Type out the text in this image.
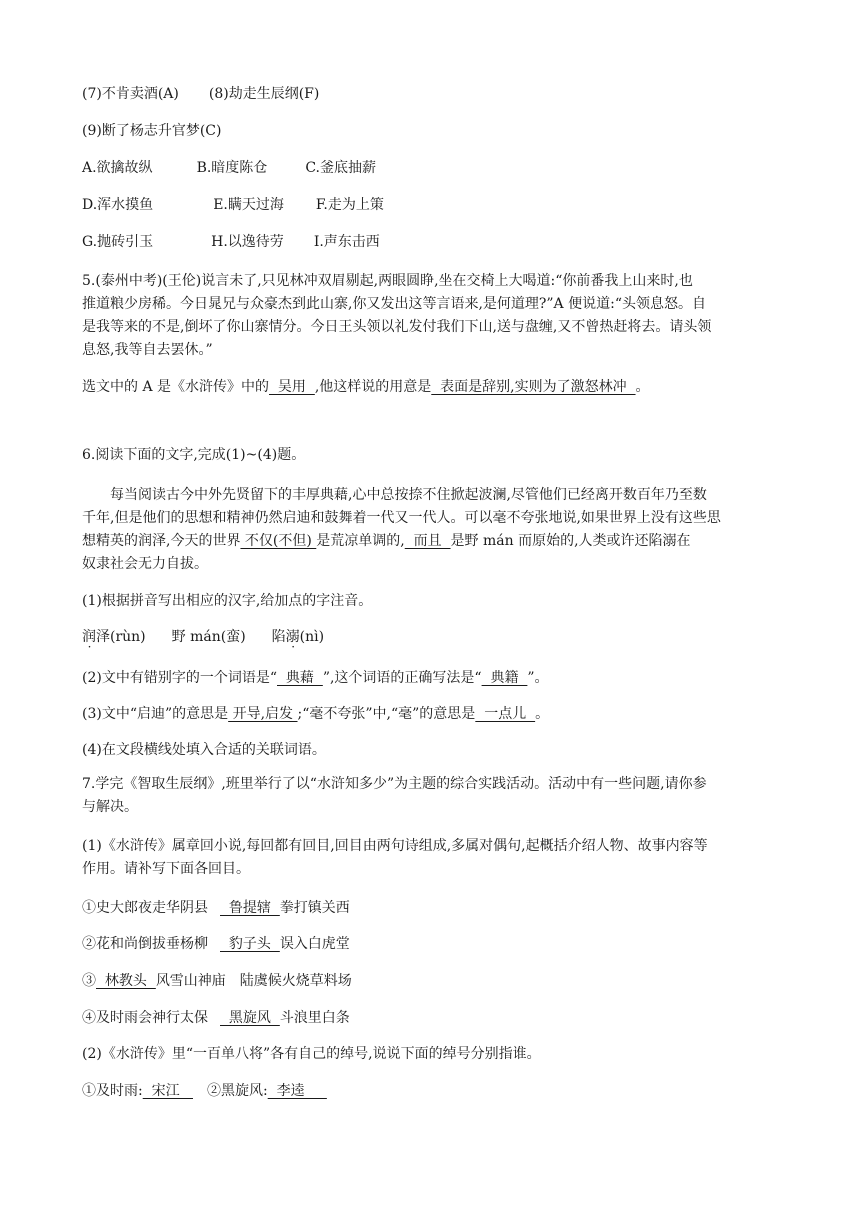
(7)不肯卖酒(A) (8)劫走生辰纲(F)
(9)断了杨志升官梦(C)
A.欲擒故纵	B.暗度陈仓	C.釜底抽薪
D.浑水摸鱼	E.瞒天过海 F.走为上策
G.抛砖引玉	H.以逸待劳 I.声东击西
5.(泰州中考)(王伦)说言未了,只见林冲双眉剔起,两眼圆睁,坐在交椅上大喝道:“你前番我上山来时,也
推道粮少房稀。今日晁兄与众豪杰到此山寨,你又发出这等言语来,是何道理?”A 便说道:“头领息怒。自
是我等来的不是,倒坏了你山寨情分。今日王头领以礼发付我们下山,送与盘缠,又不曾热赶将去。请头领
息怒,我等自去罢休。”
选文中的 A 是《水浒传》中的  吴用  ,他这样说的用意是  表面是辞别,实则为了激怒林冲  。
6.阅读下面的文字,完成(1)~(4)题。
每当阅读古今中外先贤留下的丰厚典藉,心中总按捺不住掀起波澜,尽管他们已经离开数百年乃至数
千年,但是他们的思想和精神仍然启迪和鼓舞着一代又一代人。可以毫不夸张地说,如果世界上没有这些思
想精英的润泽,今天的世界 不仅(不但) 是荒凉单调的,  而且  是野 mán 而原始的,人类或许还陷溺在
奴隶社会无力自拔。
(1)根据拼音写出相应的汉字,给加点的字注音。
润泽(rùn) 野 mán(蛮) 陷溺(nì)
(2)文中有错别字的一个词语是“  典藉  ”,这个词语的正确写法是“  典籍  ”。
(3)文中“启迪”的意思是 开导,启发 ;“毫不夸张”中,“毫”的意思是  一点儿  。
(4)在文段横线处填入合适的关联词语。
7.学完《智取生辰纲》,班里举行了以“水浒知多少”为主题的综合实践活动。活动中有一些问题,请你参
与解决。
(1)《水浒传》属章回小说,每回都有回目,回目由两句诗组成,多属对偶句,起概括介绍人物、故事内容等
作用。请补写下面各回目。
①史大郎夜走华阴县  鲁提辖  拳打镇关西
②花和尚倒拔垂杨柳  豹子头  误入白虎堂
③  林教头  风雪山神庙　陆虞候火烧草料场
④及时雨会神行太保  黑旋风  斗浪里白条
(2)《水浒传》里“一百单八将”各有自己的绰号,说说下面的绰号分别指谁。
①及时雨:  宋江   ②黑旋风:  李逵
